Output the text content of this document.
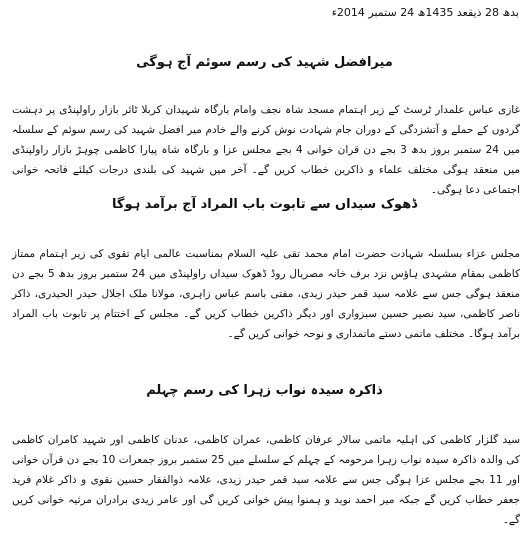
بدھ 28 ذیقعد 1435ھ 24 ستمبر 2014ء
میرافضل شہید کی رسم سوئم آج ہوگی
غازی عباس علمدار ٹرسٹ کے زیر اہتمام مسجد شاہ نجف وامام بارگاہ شہیدان کربلا ٹائر بازار راولپنڈی پر دہشت گردوں کے حملے و آتشزدگی کے دوران جام شہادت نوش کرنے والے خادم میر افضل شہید کی رسم سوئم کے سلسلہ میں 24 ستمبر بروز بدھ 3 بجے دن قران خوانی 4 بجے مجلس عزا و بارگاہ شاہ پیارا کاظمی چوہڑ بازار راولپنڈی میں منعقد ہوگی مختلف علماء و ذاکرین خطاب کریں گے۔ آخر میں شہید کی بلندی درجات کیلئے فاتحہ خوانی اجتماعی دعا ہوگی۔
ڈھوک سیداں سے تابوت باب المراد آج برآمد ہوگا
مجلس عزاء بسلسلہ شہادت حضرت امام محمد تقی علیہ السلام بمناسبت عالمی ایام تقوی کی زیر اہتمام ممتاز کاظمی بمقام مشہدی ہاؤس نزد برف خانہ مصریال روڈ ڈھوک سیداں راولپنڈی میں 24 ستمبر بروز بدھ 5 بجے دن منعقد ہوگی جس سے علامہ سید قمر حیدر زیدی، مفتی باسم عباس زاہری، مولانا ملک اجلال حیدر الحیدری، ذاکر ناصر کاظمی، سید نصیر حسین سبزواری اور دیگر ذاکرین خطاب کریں گے۔ مجلس کے اختتام پر تابوت باب المراد برآمد ہوگا۔ مختلف ماتمی دستے ماتمداری و نوحہ خوانی کریں گے۔
ذاکرہ سیدہ نواب زہرا کی رسم چہلم
سید گلزار کاظمی کی اہلیہ ماتمی سالار عرفان کاظمی، عمران کاظمی، عدنان کاظمی اور شہید کامران کاظمی کی والدہ ذاکرہ سیدہ نواب زہرا مرحومہ کے چہلم کے سلسلے میں 25 ستمبر بروز جمعرات 10 بجے دن قرآن خوانی اور 11 بجے مجلس عزا ہوگی جس سے علامہ سید قمر حیدر زیدی، علامہ ذوالفقار حسین نقوی و ذاکر غلام فرید جعفر خطاب کریں گے جبکہ میر احمد نوید و ہمنوا پیش خوانی کریں گی اور عامر زیدی برادران مرثیہ خوانی کریں گے۔
